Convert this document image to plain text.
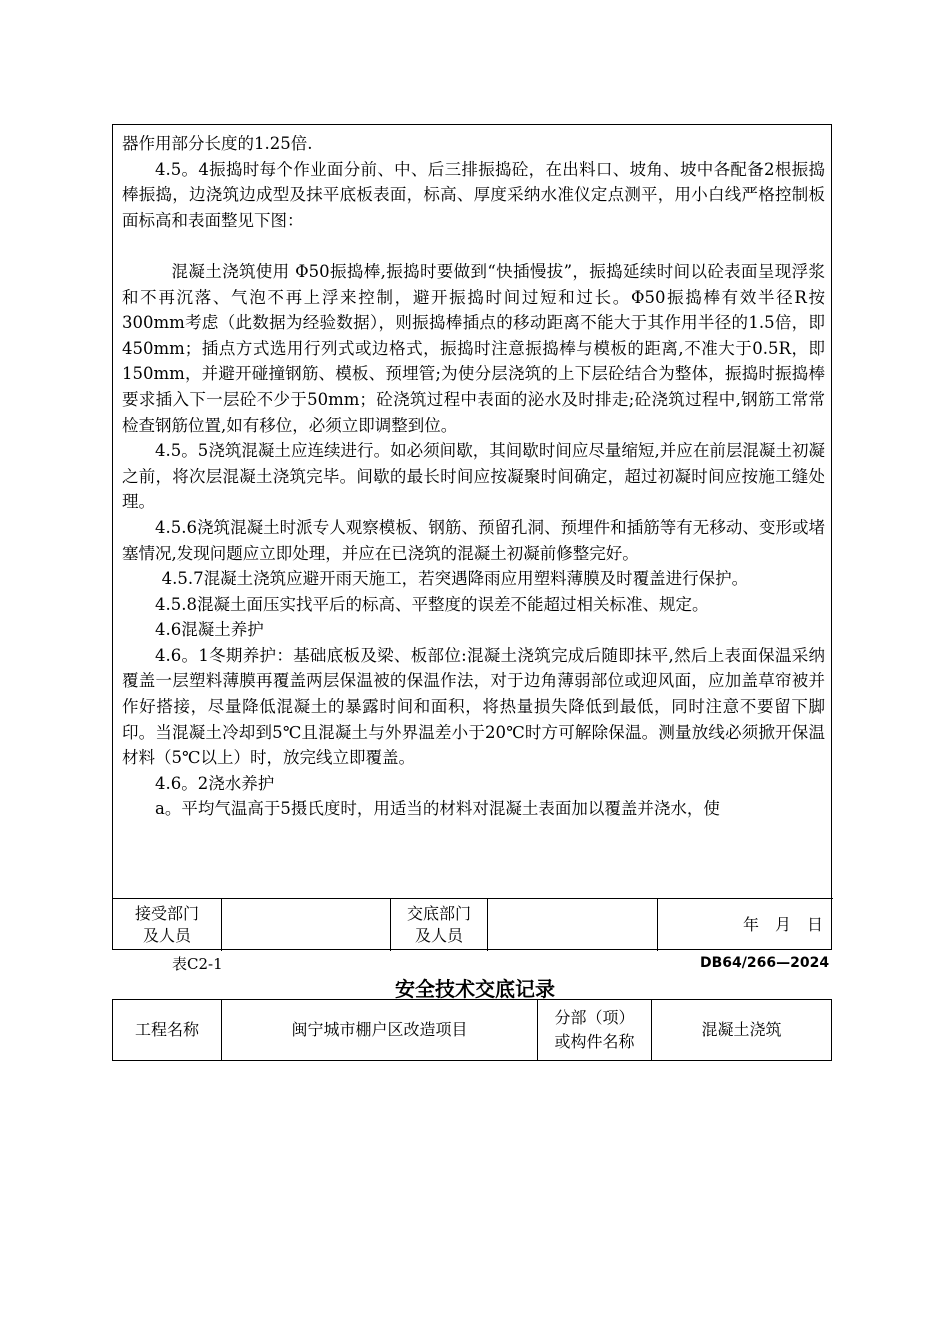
器作用部分长度的1.25倍.

4.5。4振捣时每个作业面分前、中、后三排振捣砼，在出料口、坡角、坡中各配备2根振捣棒振捣，边浇筑边成型及抹平底板表面，标高、厚度采纳水准仪定点测平，用小白线严格控制板面标高和表面整见下图：

混凝土浇筑使用 Φ50振捣棒,振捣时要做到“快插慢拔”，振捣延续时间以砼表面呈现浮浆和不再沉落、气泡不再上浮来控制，避开振捣时间过短和过长。Φ50振捣棒有效半径R按300mm考虑（此数据为经验数据），则振捣棒插点的移动距离不能大于其作用半径的1.5倍，即450mm；插点方式选用行列式或边格式，振捣时注意振捣棒与模板的距离,不准大于0.5R，即150mm，并避开碰撞钢筋、模板、预埋管;为使分层浇筑的上下层砼结合为整体，振捣时振捣棒要求插入下一层砼不少于50mm；砼浇筑过程中表面的泌水及时排走;砼浇筑过程中,钢筋工常常检查钢筋位置,如有移位，必须立即调整到位。

4.5。5浇筑混凝土应连续进行。如必须间歇，其间歇时间应尽量缩短,并应在前层混凝土初凝之前，将次层混凝土浇筑完毕。间歇的最长时间应按凝聚时间确定，超过初凝时间应按施工缝处理。

4.5.6浇筑混凝土时派专人观察模板、钢筋、预留孔洞、预埋件和插筋等有无移动、变形或堵塞情况,发现问题应立即处理，并应在已浇筑的混凝土初凝前修整完好。

4.5.7混凝土浇筑应避开雨天施工，若突遇降雨应用塑料薄膜及时覆盖进行保护。

4.5.8混凝土面压实找平后的标高、平整度的误差不能超过相关标准、规定。

4.6混凝土养护

4.6。1冬期养护：基础底板及梁、板部位:混凝土浇筑完成后随即抹平,然后上表面保温采纳覆盖一层塑料薄膜再覆盖两层保温被的保温作法，对于边角薄弱部位或迎风面，应加盖草帘被并作好搭接，尽量降低混凝土的暴露时间和面积，将热量损失降低到最低，同时注意不要留下脚印。当混凝土冷却到5℃且混凝土与外界温差小于20℃时方可解除保温。测量放线必须掀开保温材料（5℃以上）时，放完线立即覆盖。

4.6。2浇水养护

a。平均气温高于5摄氏度时，用适当的材料对混凝土表面加以覆盖并浇水，使

接受部门
及人员
交底部门
及人员
年　月　日
表C2-1	DB64/266—2024
安全技术交底记录
工程名称	闽宁城市棚户区改造项目
分部（项）
或构件名称
混凝土浇筑
